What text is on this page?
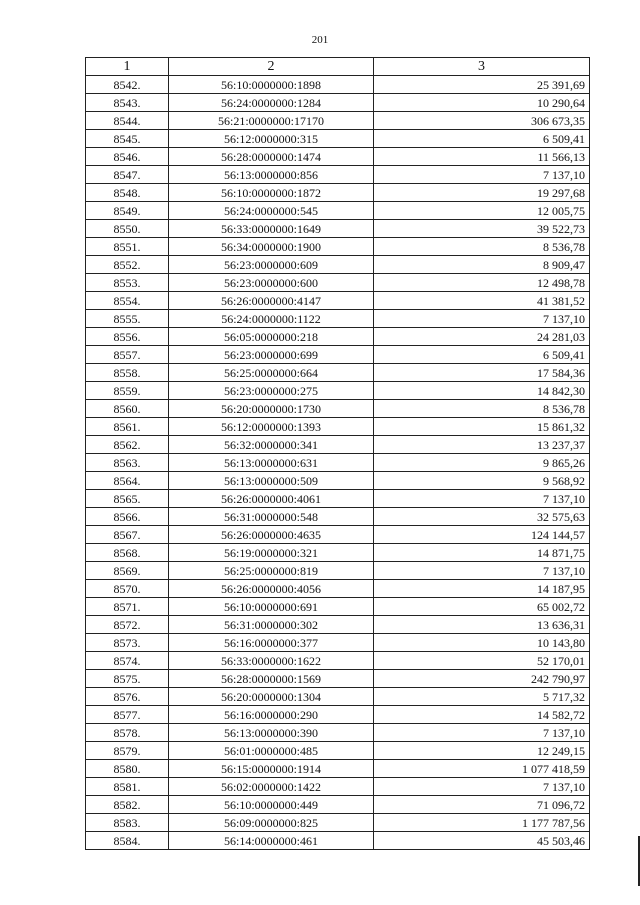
201
1	2	3
8542.	56:10:0000000:1898	25 391,69
8543.	56:24:0000000:1284	10 290,64
8544.	56:21:0000000:17170	306 673,35
8545.	56:12:0000000:315	6 509,41
8546.	56:28:0000000:1474	11 566,13
8547.	56:13:0000000:856	7 137,10
8548.	56:10:0000000:1872	19 297,68
8549.	56:24:0000000:545	12 005,75
8550.	56:33:0000000:1649	39 522,73
8551.	56:34:0000000:1900	8 536,78
8552.	56:23:0000000:609	8 909,47
8553.	56:23:0000000:600	12 498,78
8554.	56:26:0000000:4147	41 381,52
8555.	56:24:0000000:1122	7 137,10
8556.	56:05:0000000:218	24 281,03
8557.	56:23:0000000:699	6 509,41
8558.	56:25:0000000:664	17 584,36
8559.	56:23:0000000:275	14 842,30
8560.	56:20:0000000:1730	8 536,78
8561.	56:12:0000000:1393	15 861,32
8562.	56:32:0000000:341	13 237,37
8563.	56:13:0000000:631	9 865,26
8564.	56:13:0000000:509	9 568,92
8565.	56:26:0000000:4061	7 137,10
8566.	56:31:0000000:548	32 575,63
8567.	56:26:0000000:4635	124 144,57
8568.	56:19:0000000:321	14 871,75
8569.	56:25:0000000:819	7 137,10
8570.	56:26:0000000:4056	14 187,95
8571.	56:10:0000000:691	65 002,72
8572.	56:31:0000000:302	13 636,31
8573.	56:16:0000000:377	10 143,80
8574.	56:33:0000000:1622	52 170,01
8575.	56:28:0000000:1569	242 790,97
8576.	56:20:0000000:1304	5 717,32
8577.	56:16:0000000:290	14 582,72
8578.	56:13:0000000:390	7 137,10
8579.	56:01:0000000:485	12 249,15
8580.	56:15:0000000:1914	1 077 418,59
8581.	56:02:0000000:1422	7 137,10
8582.	56:10:0000000:449	71 096,72
8583.	56:09:0000000:825	1 177 787,56
8584.	56:14:0000000:461	45 503,46
